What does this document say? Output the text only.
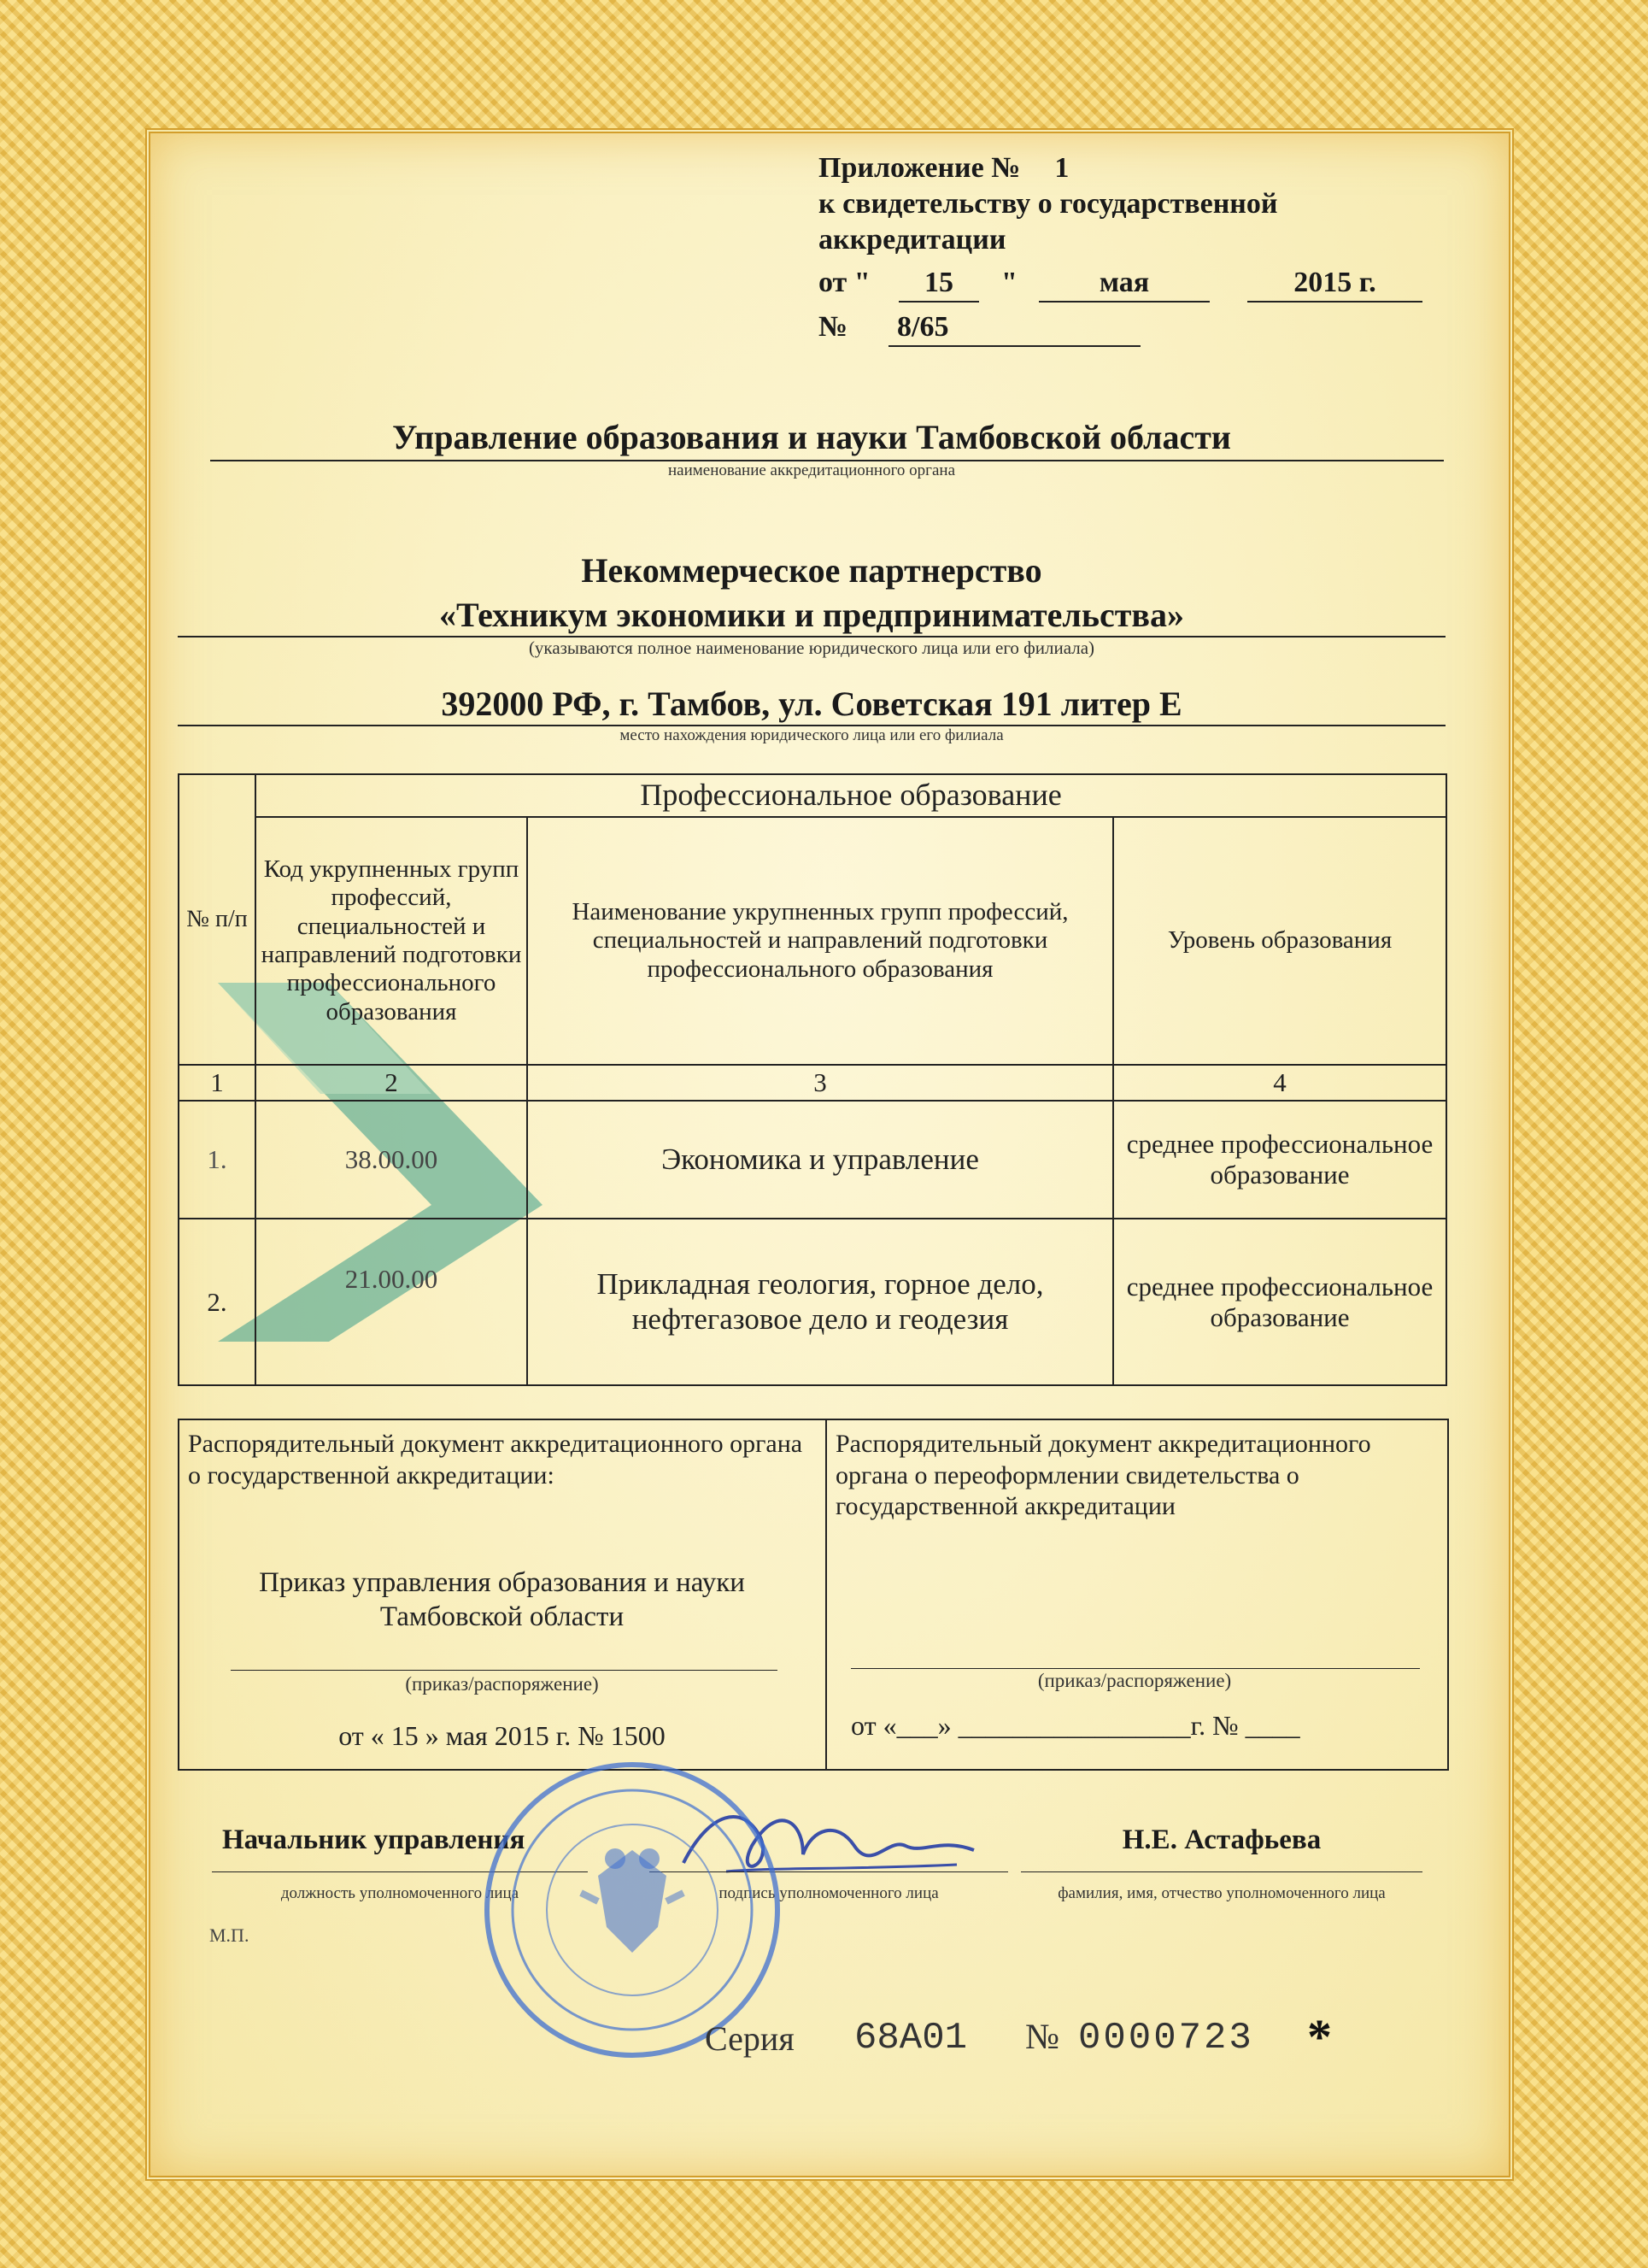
Приложение № 1
к свидетельству о государственной
аккредитации
от "	15	"	мая	2015 г.
№ 8/65
Управление образования и науки Тамбовской области
наименование аккредитационного органа
Некоммерческое партнерство
«Техникум экономики и предпринимательства»
(указываются полное наименование юридического лица или его филиала)
392000 РФ, г. Тамбов, ул. Советская 191 литер Е
место нахождения юридического лица или его филиала
№ п/п	Профессиональное образование		
	Код укрупненных групп профессий, специальностей и направлений подготовки профессионального образования	Наименование укрупненных групп профессий, специальностей и направлений подготовки профессионального образования	Уровень образования
1	2	3	4
1.	38.00.00	Экономика и управление	среднее профессиональное образование
2.	21.00.00	Прикладная геология, горное дело, нефтегазовое дело и геодезия	среднее профессиональное образование
Распорядительный документ аккредитационного органа о государственной аккредитации:
Приказ управления образования и науки Тамбовской области
(приказ/распоряжение)
от « 15 » мая 2015 г. № 1500
Распорядительный документ аккредитационного органа о переоформлении свидетельства о государственной аккредитации
(приказ/распоряжение)
от «___» _________________г. № ____
Начальник управления
должность уполномоченного лица	подпись уполномоченного лица
Н.Е. Астафьева
фамилия, имя, отчество уполномоченного лица
М.П.
Серия 68А01 № 0000723 *
